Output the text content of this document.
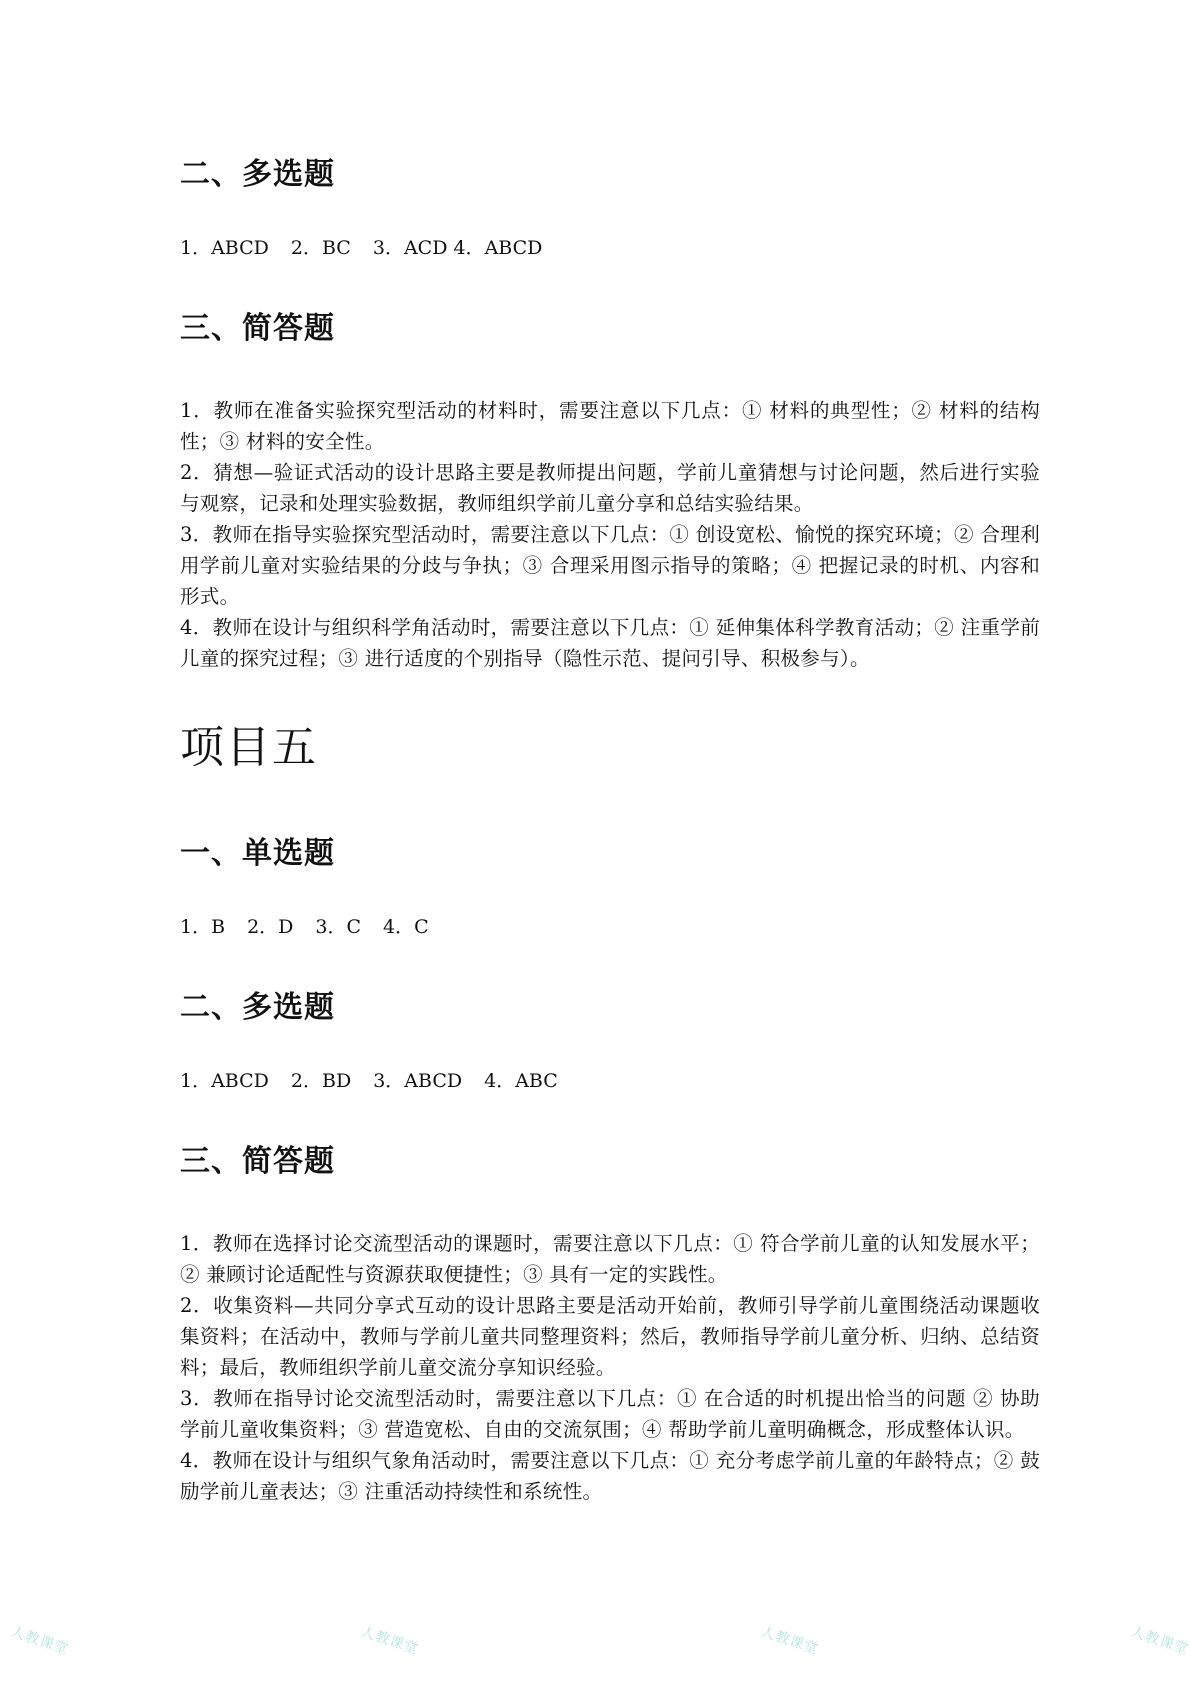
二、多选题

1．ABCD 2．BC 3．ACD 4．ABCD

三、简答题

1．教师在准备实验探究型活动的材料时，需要注意以下几点：① 材料的典型性；② 材料的结构性；③ 材料的安全性。

2．猜想—验证式活动的设计思路主要是教师提出问题，学前儿童猜想与讨论问题，然后进行实验与观察，记录和处理实验数据，教师组织学前儿童分享和总结实验结果。

3．教师在指导实验探究型活动时，需要注意以下几点：① 创设宽松、愉悦的探究环境；② 合理利用学前儿童对实验结果的分歧与争执；③ 合理采用图示指导的策略；④ 把握记录的时机、内容和形式。

4．教师在设计与组织科学角活动时，需要注意以下几点：① 延伸集体科学教育活动；② 注重学前儿童的探究过程；③ 进行适度的个别指导（隐性示范、提问引导、积极参与）。

项目五
一、单选题

1．B 2．D 3．C 4．C

二、多选题

1．ABCD 2．BD 3．ABCD 4．ABC

三、简答题

1．教师在选择讨论交流型活动的课题时，需要注意以下几点：① 符合学前儿童的认知发展水平；② 兼顾讨论适配性与资源获取便捷性；③ 具有一定的实践性。

2．收集资料—共同分享式互动的设计思路主要是活动开始前，教师引导学前儿童围绕活动课题收集资料；在活动中，教师与学前儿童共同整理资料；然后，教师指导学前儿童分析、归纳、总结资料；最后，教师组织学前儿童交流分享知识经验。

3．教师在指导讨论交流型活动时，需要注意以下几点：① 在合适的时机提出恰当的问题 ② 协助学前儿童收集资料；③ 营造宽松、自由的交流氛围；④ 帮助学前儿童明确概念，形成整体认识。

4．教师在设计与组织气象角活动时，需要注意以下几点：① 充分考虑学前儿童的年龄特点；② 鼓励学前儿童表达；③ 注重活动持续性和系统性。

人教课堂	人教课堂	人教课堂	人教课堂
